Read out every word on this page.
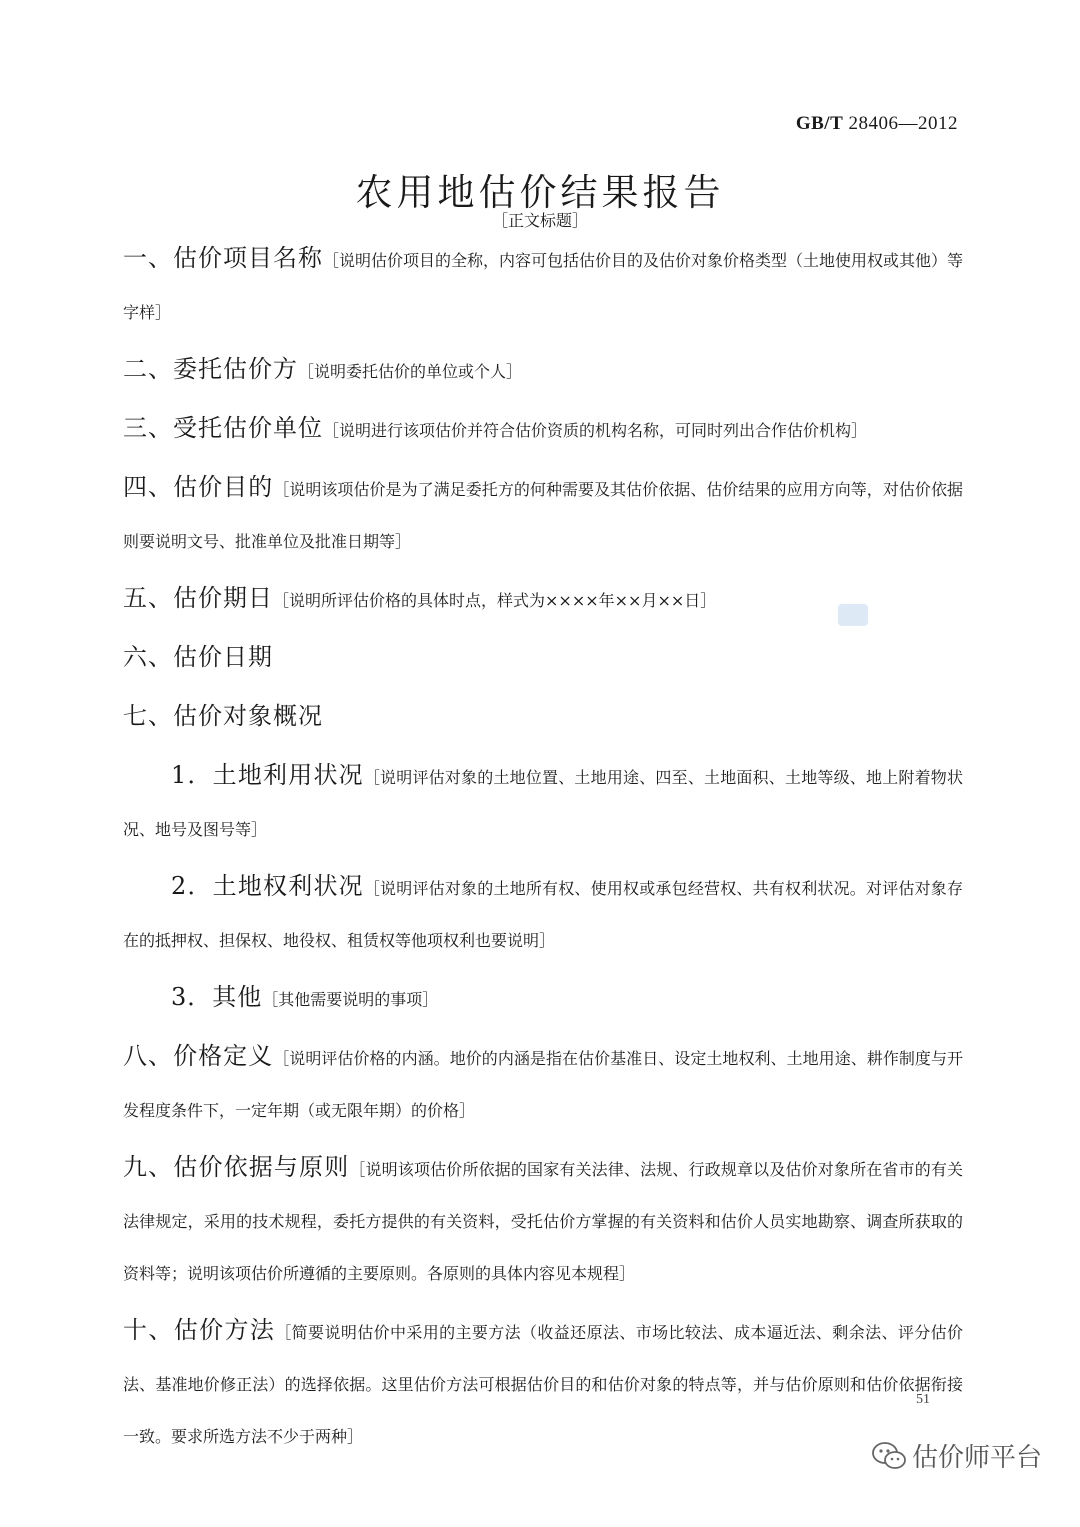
GB/T 28406—2012
农用地估价结果报告
［正文标题］
一、估价项目名称［说明估价项目的全称，内容可包括估价目的及估价对象价格类型（土地使用权或其他）等字样］
二、委托估价方［说明委托估价的单位或个人］
三、受托估价单位［说明进行该项估价并符合估价资质的机构名称，可同时列出合作估价机构］
四、估价目的［说明该项估价是为了满足委托方的何种需要及其估价依据、估价结果的应用方向等，对估价依据则要说明文号、批准单位及批准日期等］
五、估价期日［说明所评估价格的具体时点，样式为××××年××月××日］
六、估价日期
七、估价对象概况
1．土地利用状况［说明评估对象的土地位置、土地用途、四至、土地面积、土地等级、地上附着物状况、地号及图号等］
2．土地权利状况［说明评估对象的土地所有权、使用权或承包经营权、共有权利状况。对评估对象存在的抵押权、担保权、地役权、租赁权等他项权利也要说明］
3．其他［其他需要说明的事项］
八、价格定义［说明评估价格的内涵。地价的内涵是指在估价基准日、设定土地权利、土地用途、耕作制度与开发程度条件下，一定年期（或无限年期）的价格］
九、估价依据与原则［说明该项估价所依据的国家有关法律、法规、行政规章以及估价对象所在省市的有关法律规定，采用的技术规程，委托方提供的有关资料，受托估价方掌握的有关资料和估价人员实地勘察、调查所获取的资料等；说明该项估价所遵循的主要原则。各原则的具体内容见本规程］
十、估价方法［简要说明估价中采用的主要方法（收益还原法、市场比较法、成本逼近法、剩余法、评分估价法、基准地价修正法）的选择依据。这里估价方法可根据估价目的和估价对象的特点等，并与估价原则和估价依据衔接一致。要求所选方法不少于两种］
51
估价师平台
